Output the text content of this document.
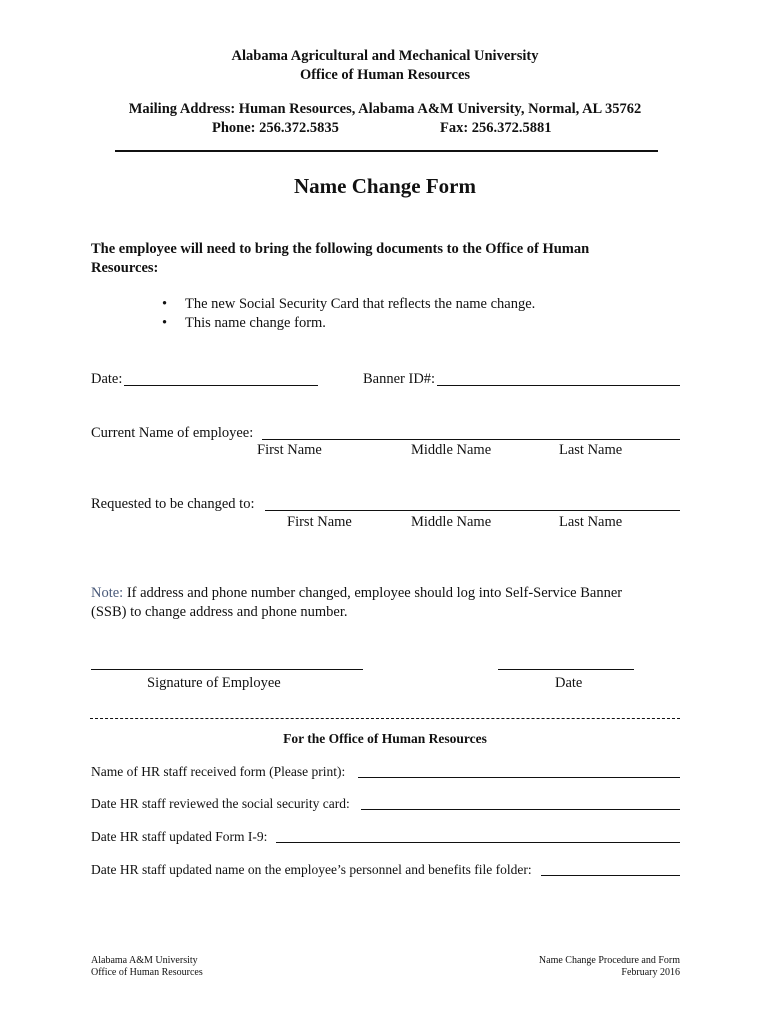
Alabama Agricultural and Mechanical University
Office of Human Resources
Mailing Address: Human Resources, Alabama A&M University, Normal, AL 35762
Phone: 256.372.5835	Fax: 256.372.5881
Name Change Form
The employee will need to bring the following documents to the Office of Human
Resources:
• The new Social Security Card that reflects the name change.
• This name change form.
Date:	Banner ID#:
Current Name of employee:
First Name	Middle Name	Last Name
Requested to be changed to:
First Name	Middle Name	Last Name
Note: If address and phone number changed, employee should log into Self-Service Banner
(SSB) to change address and phone number.
Signature of Employee	Date
For the Office of Human Resources
Name of HR staff received form (Please print):
Date HR staff reviewed the social security card:
Date HR staff updated Form I-9:
Date HR staff updated name on the employee’s personnel and benefits file folder:
Alabama A&M University
Office of Human Resources
Name Change Procedure and Form
February 2016
